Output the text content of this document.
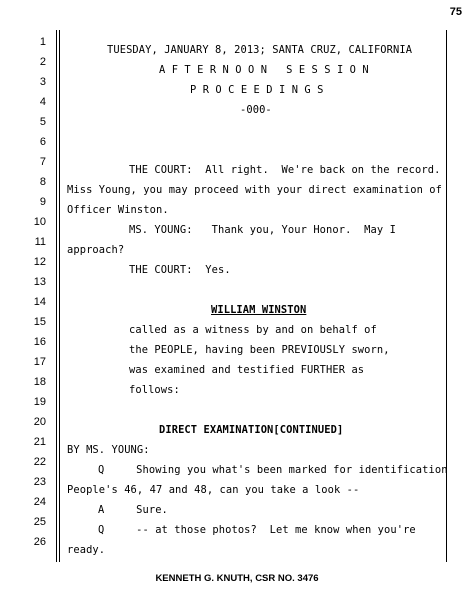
75
1
2
3
4
5
6
7
8
9
10
11
12
13
14
15
16
17
18
19
20
21
22
23
24
25
26
TUESDAY, JANUARY 8, 2013; SANTA CRUZ, CALIFORNIA
A F T E R N O O N   S E S S I O N
P R O C E E D I N G S
-000-
THE COURT:  All right.  We're back on the record.
Miss Young, you may proceed with your direct examination of
Officer Winston.
MS. YOUNG:   Thank you, Your Honor.  May I
approach?
THE COURT:  Yes.
WILLIAM WINSTON
called as a witness by and on behalf of
the PEOPLE, having been PREVIOUSLY sworn,
was examined and testified FURTHER as
follows:
DIRECT EXAMINATION[CONTINUED]
BY MS. YOUNG:
Q     Showing you what's been marked for identification
People's 46, 47 and 48, can you take a look --
A     Sure.
Q     -- at those photos?  Let me know when you're
ready.
KENNETH G. KNUTH, CSR NO. 3476
